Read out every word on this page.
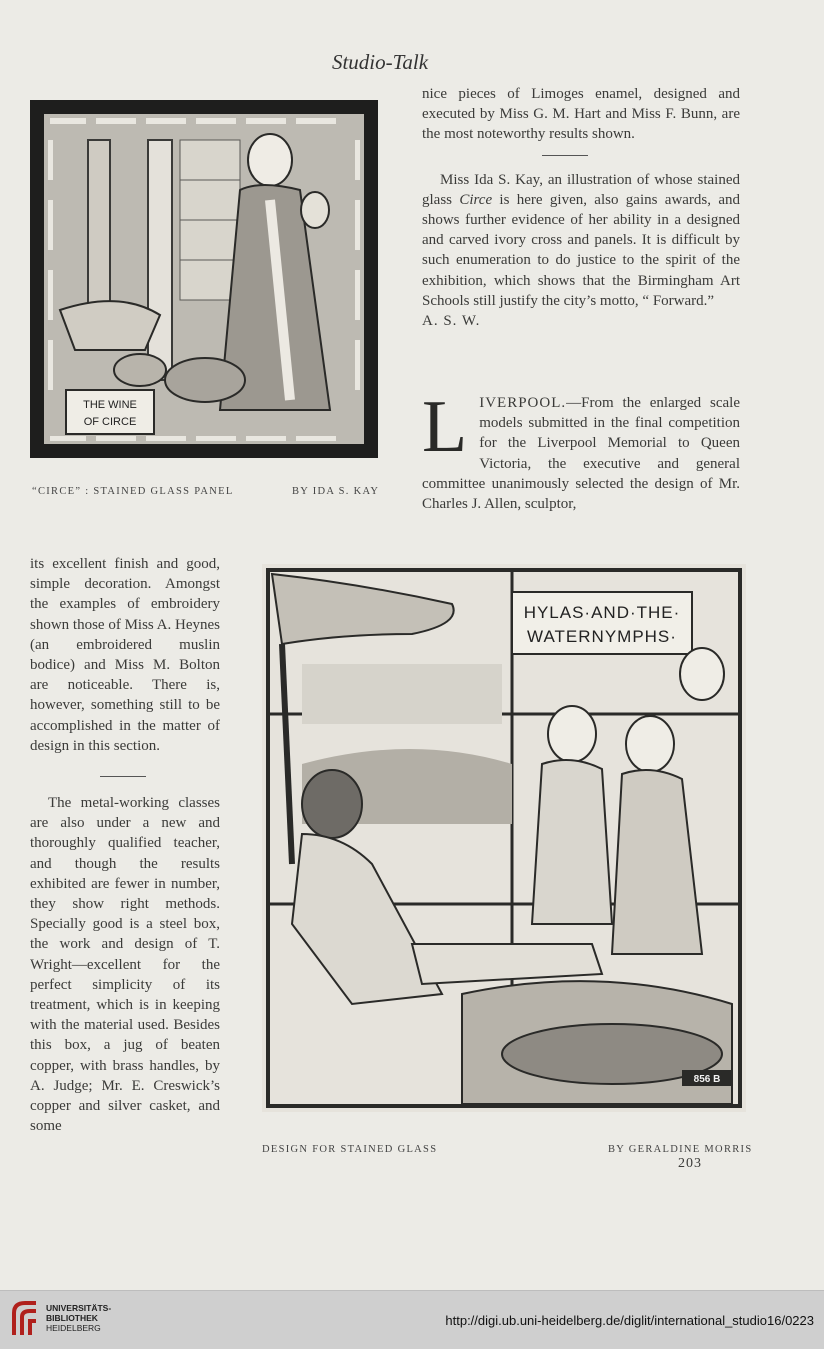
Studio-Talk
THE WINE
OF CIRCE
“CIRCE” : STAINED GLASS PANEL	BY IDA S. KAY

nice pieces of Limoges enamel, designed and executed by Miss G. M. Hart and Miss F. Bunn, are the most noteworthy results shown.

Miss Ida S. Kay, an illustration of whose stained glass Circe is here given, also gains awards, and shows further evidence of her ability in a designed and carved ivory cross and panels. It is difficult by such enumeration to do justice to the spirit of the exhibition, which shows that the Birmingham Art Schools still justify the city’s motto, “ Forward.”

A. S. W.

L IVERPOOL.—From the enlarged scale models submitted in the final competition for the Liverpool Memorial to Queen Victoria, the executive and general committee unanimously selected the design of Mr. Charles J. Allen, sculptor,

its excellent finish and good, simple decoration. Amongst the examples of embroidery shown those of Miss A. Heynes (an embroidered muslin bodice) and Miss M. Bolton are noticeable. There is, however, something still to be accomplished in the matter of design in this section.

The metal-working classes are also under a new and thoroughly qualified teacher, and though the results exhibited are fewer in number, they show right methods. Specially good is a steel box, the work and design of T. Wright—excellent for the perfect simplicity of its treatment, which is in keeping with the material used. Besides this box, a jug of beaten copper, with brass handles, by A. Judge; Mr. E. Creswick’s copper and silver casket, and some

HYLAS·AND·THE·
WATERNYMPHS·
856 B
DESIGN FOR STAINED GLASS	BY GERALDINE MORRIS
203
UNIVERSITÄTS-
BIBLIOTHEK
HEIDELBERG	http://digi.ub.uni-heidelberg.de/diglit/international_studio16/0223
